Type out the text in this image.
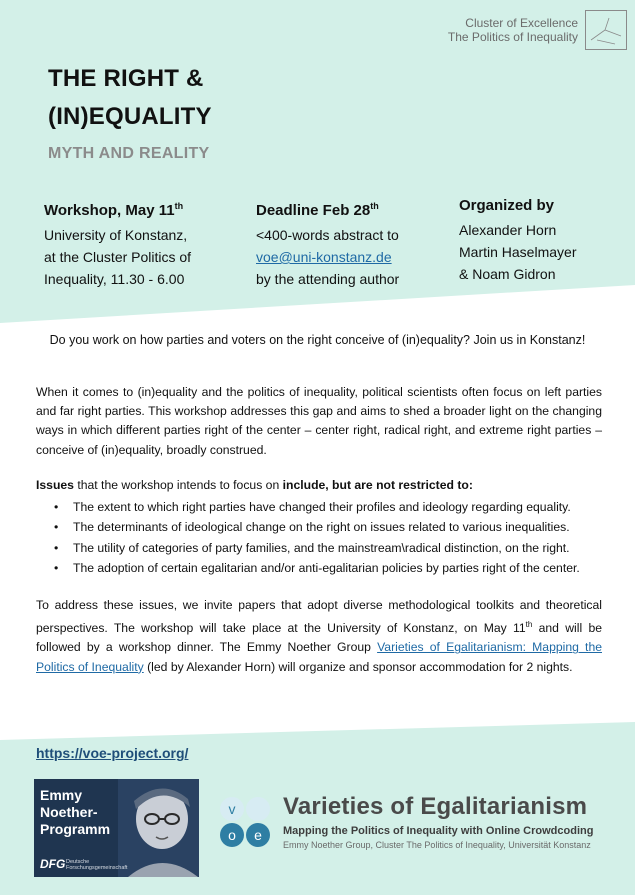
Cluster of Excellence
The Politics of Inequality
THE RIGHT &
(IN)EQUALITY
MYTH AND REALITY
Workshop, May 11th
University of Konstanz,
at the Cluster Politics of
Inequality, 11.30 - 6.00
Deadline Feb 28th
<400-words abstract to
voe@uni-konstanz.de
by the attending author
Organized by
Alexander Horn
Martin Haselmayer
& Noam Gidron
Do you work on how parties and voters on the right conceive of (in)equality? Join us in Konstanz!
When it comes to (in)equality and the politics of inequality, political scientists often focus on left parties and far right parties. This workshop addresses this gap and aims to shed a broader light on the changing ways in which different parties right of the center – center right, radical right, and extreme right parties – conceive of (in)equality, broadly construed.
Issues that the workshop intends to focus on include, but are not restricted to:
• The extent to which right parties have changed their profiles and ideology regarding equality.
• The determinants of ideological change on the right on issues related to various inequalities.
• The utility of categories of party families, and the mainstream\radical distinction, on the right.
• The adoption of certain egalitarian and/or anti-egalitarian policies by parties right of the center.
To address these issues, we invite papers that adopt diverse methodological toolkits and theoretical perspectives. The workshop will take place at the University of Konstanz, on May 11th and will be followed by a workshop dinner. The Emmy Noether Group Varieties of Egalitarianism: Mapping the Politics of Inequality (led by Alexander Horn) will organize and sponsor accommodation for 2 nights.
https://voe-project.org/
Emmy
Noether-
Programm
DFG Deutsche
Forschungsgemeinschaft
v
o e
Varieties of Egalitarianism
Mapping the Politics of Inequality with Online Crowdcoding
Emmy Noether Group, Cluster The Politics of Inequality, Universität Konstanz
